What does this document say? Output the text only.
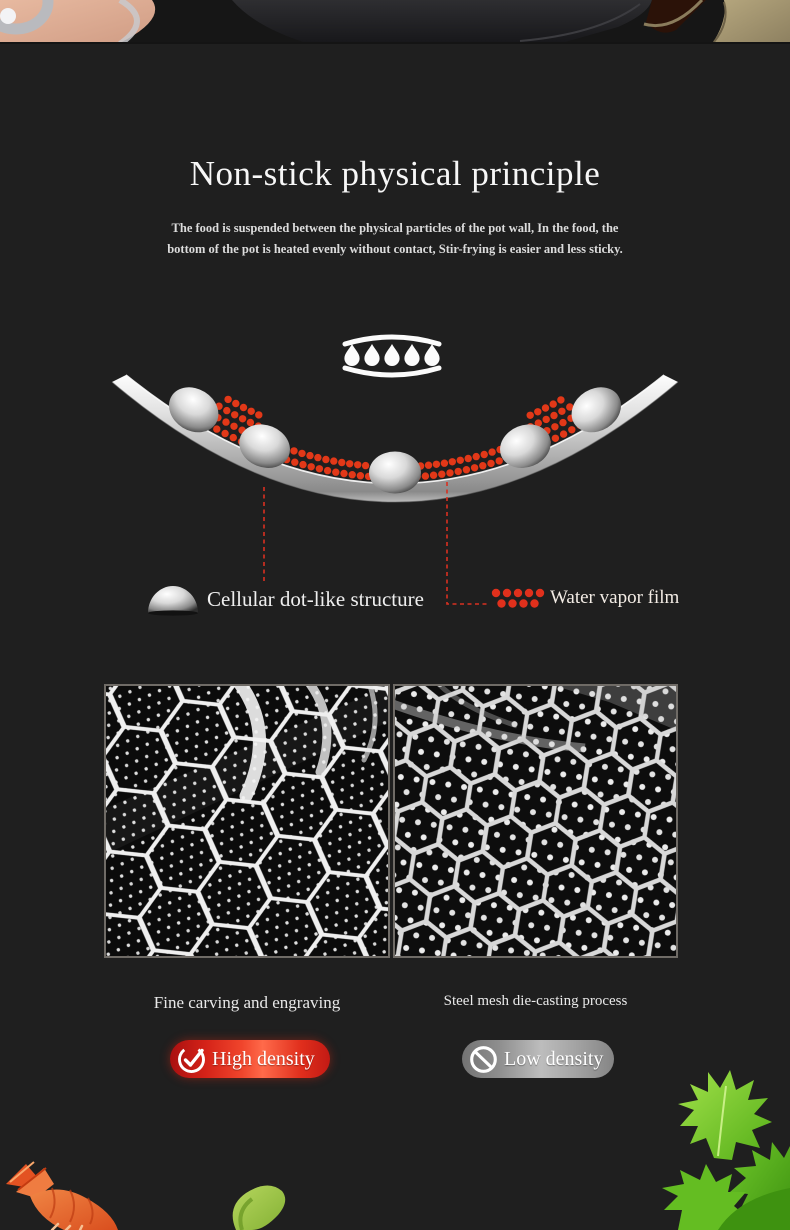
Non-stick physical principle
The food is suspended between the physical particles of the pot wall, In the food, the
bottom of the pot is heated evenly without contact, Stir-frying is easier and less sticky.
Cellular dot-like structure	Water vapor film
Fine carving and engraving	Steel mesh die-casting process
High density	Low density
